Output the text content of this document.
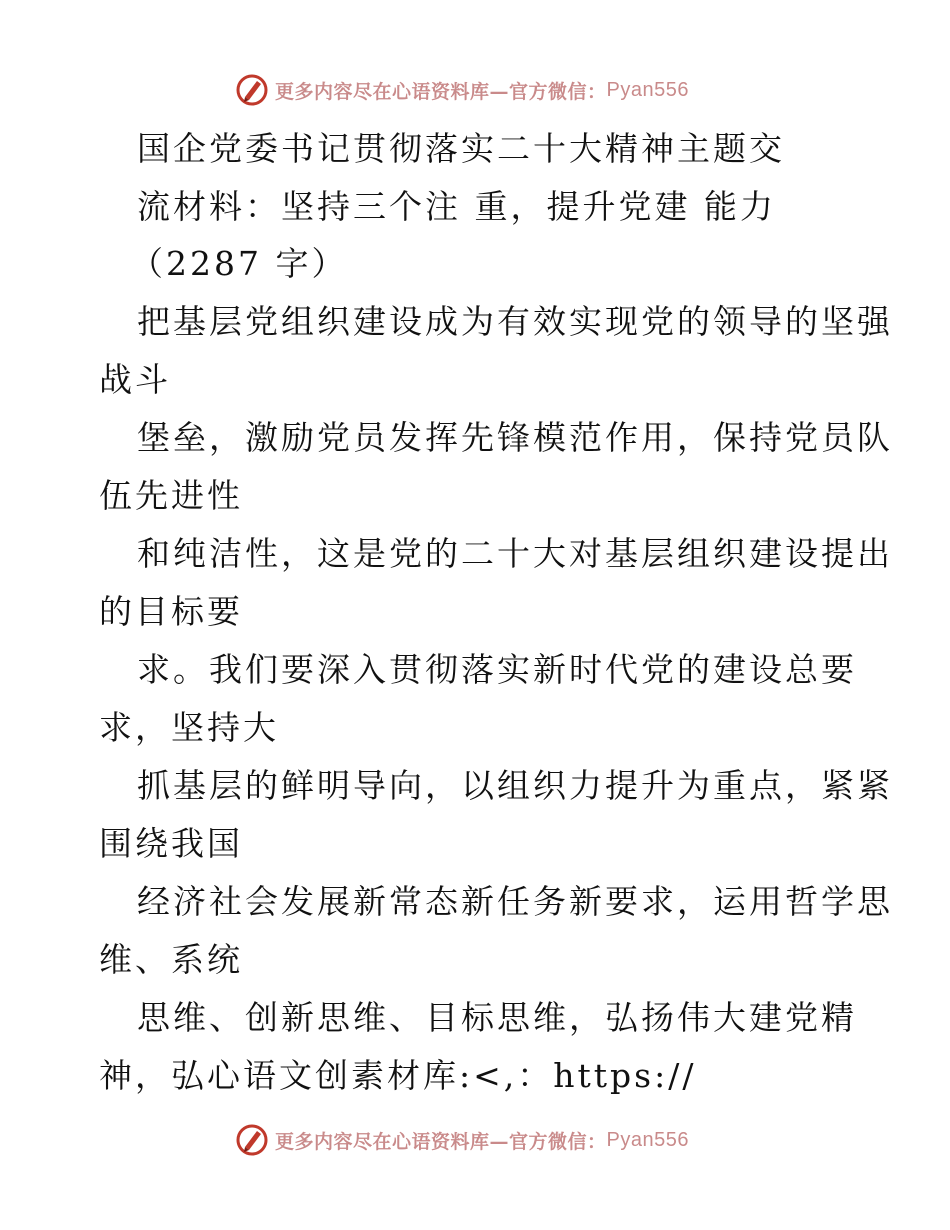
更多内容尽在心语资料库—官方微信： Pyan556
国企党委书记贯彻落实二十大精神主题交
流材料：坚持三个注 重，提升党建 能力
（2287 字）
把基层党组织建设成为有效实现党的领导的坚强
战斗
堡垒，激励党员发挥先锋模范作用，保持党员队
伍先进性
和纯洁性，这是党的二十大对基层组织建设提出
的目标要
求。我们要深入贯彻落实新时代党的建设总要
求，坚持大
抓基层的鲜明导向，以组织力提升为重点，紧紧
围绕我国
经济社会发展新常态新任务新要求，运用哲学思
维、系统
思维、创新思维、目标思维，弘扬伟大建党精
神，弘心语文创素材库:<,：https://
更多内容尽在心语资料库—官方微信： Pyan556
